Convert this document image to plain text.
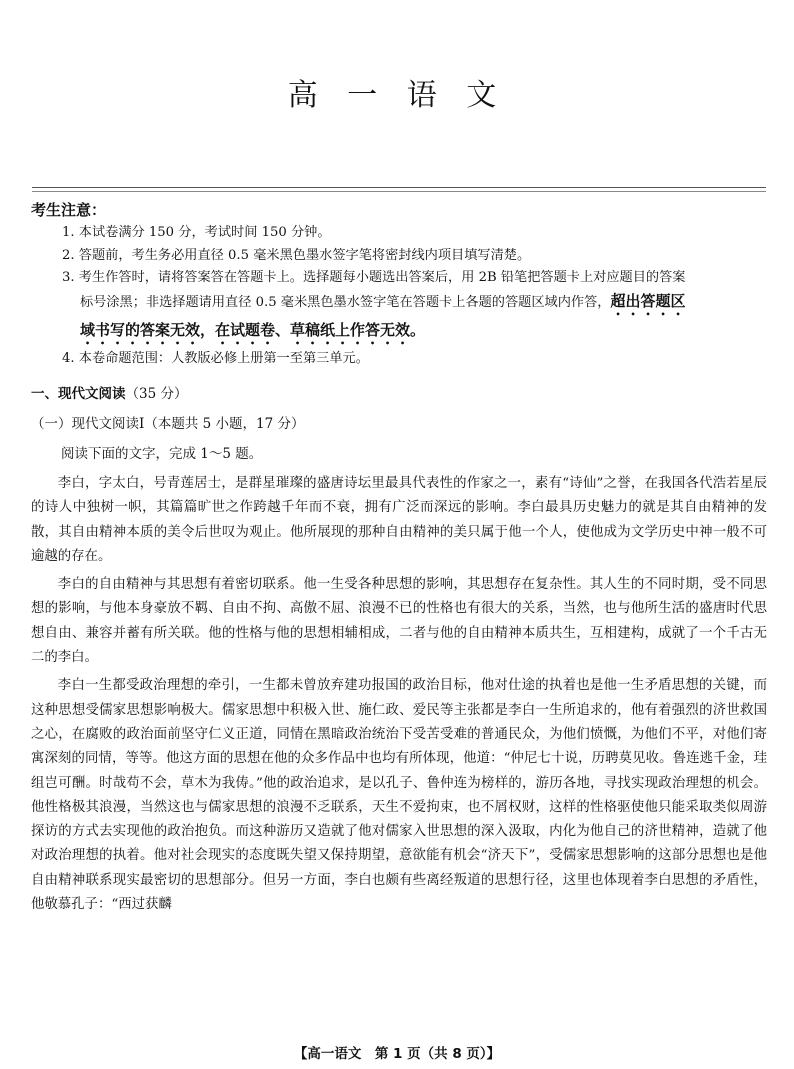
高 一 语 文
考生注意：

1. 本试卷满分 150 分，考试时间 150 分钟。

2. 答题前，考生务必用直径 0.5 毫米黑色墨水签字笔将密封线内项目填写清楚。

3. 考生作答时，请将答案答在答题卡上。选择题每小题选出答案后，用 2B 铅笔把答题卡上对应题目的答案

标号涂黑；非选择题请用直径 0.5 毫米黑色墨水签字笔在答题卡上各题的答题区域内作答，超出答题区

域书写的答案无效，在试题卷、草稿纸上作答无效。

4. 本卷命题范围：人教版必修上册第一至第三单元。

一、现代文阅读（35 分）
（一）现代文阅读Ⅰ（本题共 5 小题，17 分）
阅读下面的文字，完成 1～5 题。

李白，字太白，号青莲居士，是群星璀璨的盛唐诗坛里最具代表性的作家之一，素有“诗仙”之誉，在我国各代浩若星辰的诗人中独树一帜，其篇篇旷世之作跨越千年而不衰，拥有广泛而深远的影响。李白最具历史魅力的就是其自由精神的发散，其自由精神本质的美令后世叹为观止。他所展现的那种自由精神的美只属于他一个人，使他成为文学历史中神一般不可逾越的存在。

李白的自由精神与其思想有着密切联系。他一生受各种思想的影响，其思想存在复杂性。其人生的不同时期，受不同思想的影响，与他本身豪放不羁、自由不拘、高傲不屈、浪漫不已的性格也有很大的关系，当然，也与他所生活的盛唐时代思想自由、兼容并蓄有所关联。他的性格与他的思想相辅相成，二者与他的自由精神本质共生，互相建构，成就了一个千古无二的李白。

李白一生都受政治理想的牵引，一生都未曾放弃建功报国的政治目标，他对仕途的执着也是他一生矛盾思想的关键，而这种思想受儒家思想影响极大。儒家思想中积极入世、施仁政、爱民等主张都是李白一生所追求的，他有着强烈的济世救国之心，在腐败的政治面前坚守仁义正道，同情在黑暗政治统治下受苦受难的普通民众，为他们愤慨，为他们不平，对他们寄寓深刻的同情，等等。他这方面的思想在他的众多作品中也均有所体现，他道：“仲尼七十说，历聘莫见收。鲁连逃千金，珪组岂可酬。时哉苟不会，草木为我俦。”他的政治追求，是以孔子、鲁仲连为榜样的，游历各地，寻找实现政治理想的机会。他性格极其浪漫，当然这也与儒家思想的浪漫不乏联系，天生不爱拘束，也不屑权财，这样的性格驱使他只能采取类似周游探访的方式去实现他的政治抱负。而这种游历又造就了他对儒家入世思想的深入汲取，内化为他自己的济世精神，造就了他对政治理想的执着。他对社会现实的态度既失望又保持期望，意欲能有机会“济天下”，受儒家思想影响的这部分思想也是他自由精神联系现实最密切的思想部分。但另一方面，李白也颇有些离经叛道的思想行径，这里也体现着李白思想的矛盾性，他敬慕孔子：“西过获麟

【高一语文　第 1 页（共 8 页）】
